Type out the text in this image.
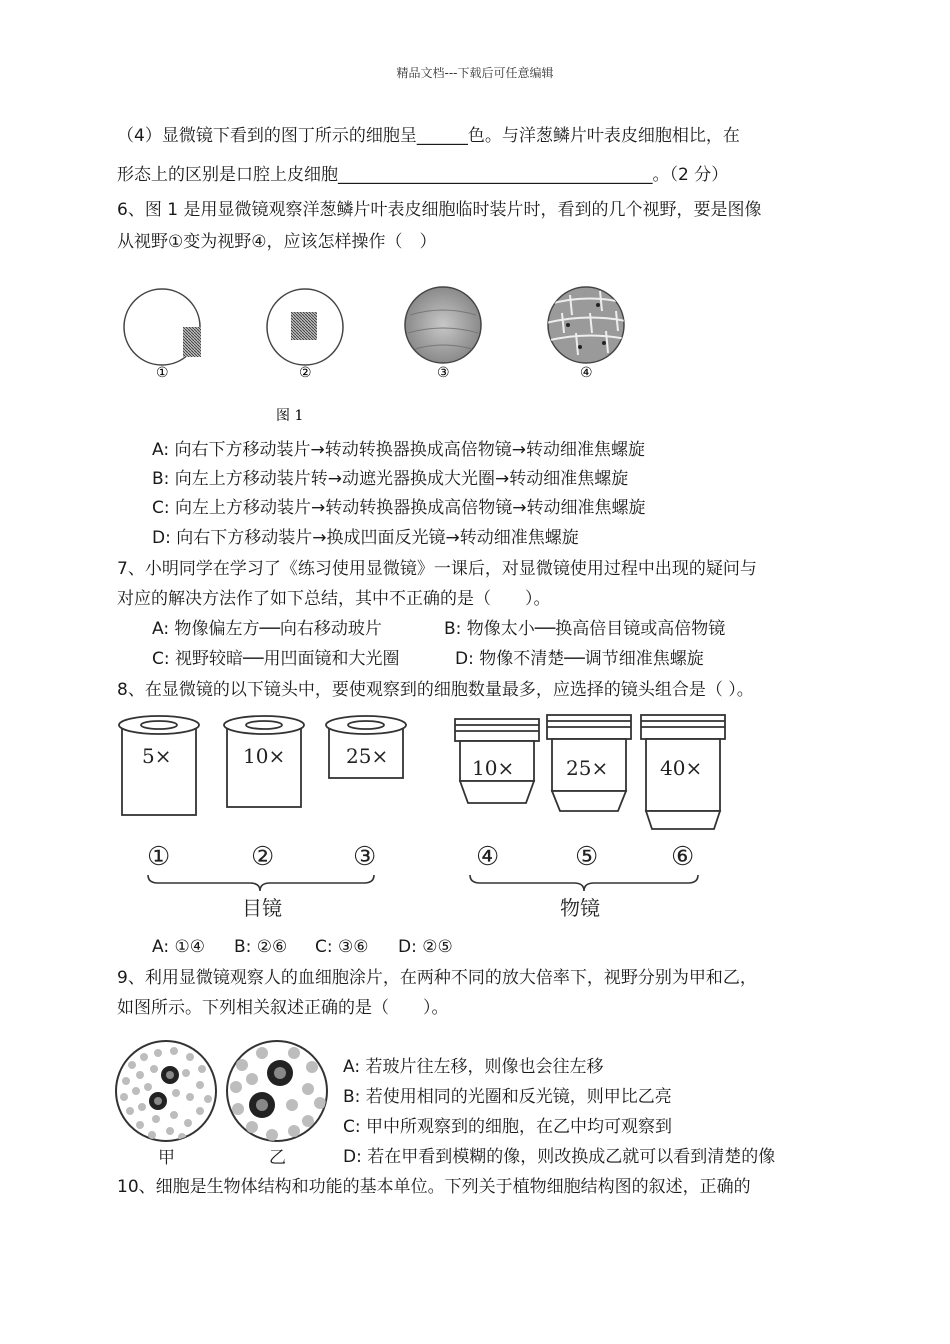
精品文档---下载后可任意编辑
（4）显微镜下看到的图丁所示的细胞呈______色。与洋葱鳞片叶表皮细胞相比，在
形态上的区别是口腔上皮细胞_____________________________________。（2 分）
6、图 1 是用显微镜观察洋葱鳞片叶表皮细胞临时装片时，看到的几个视野，要是图像
从视野①变为视野④，应该怎样操作（　）
①	②	③	④
图 1
A: 向右下方移动装片→转动转换器换成高倍物镜→转动细准焦螺旋
B: 向左上方移动装片转→动遮光器换成大光圈→转动细准焦螺旋
C: 向左上方移动装片→转动转换器换成高倍物镜→转动细准焦螺旋
D: 向右下方移动装片→换成凹面反光镜→转动细准焦螺旋
7、小明同学在学习了《练习使用显微镜》一课后，对显微镜使用过程中出现的疑问与
对应的解决方法作了如下总结，其中不正确的是（　　）。
A: 物像偏左方──向右移动玻片	B: 物像太小──换高倍目镜或高倍物镜
C: 视野较暗──用凹面镜和大光圈	D: 物像不清楚──调节细准焦螺旋
8、在显微镜的以下镜头中，要使观察到的细胞数量最多，应选择的镜头组合是（ ）。
5×	10×	25×	10×	25×	40×
①	②	③	④	⑤	⑥
目镜	物镜
A: ①④ B: ②⑥ C: ③⑥ D: ②⑤
9、利用显微镜观察人的血细胞涂片，在两种不同的放大倍率下，视野分别为甲和乙，
如图所示。下列相关叙述正确的是（　　）。
甲	乙
A: 若玻片往左移，则像也会往左移
B: 若使用相同的光圈和反光镜，则甲比乙亮
C: 甲中所观察到的细胞，在乙中均可观察到
D: 若在甲看到模糊的像，则改换成乙就可以看到清楚的像
10、细胞是生物体结构和功能的基本单位。下列关于植物细胞结构图的叙述，正确的
